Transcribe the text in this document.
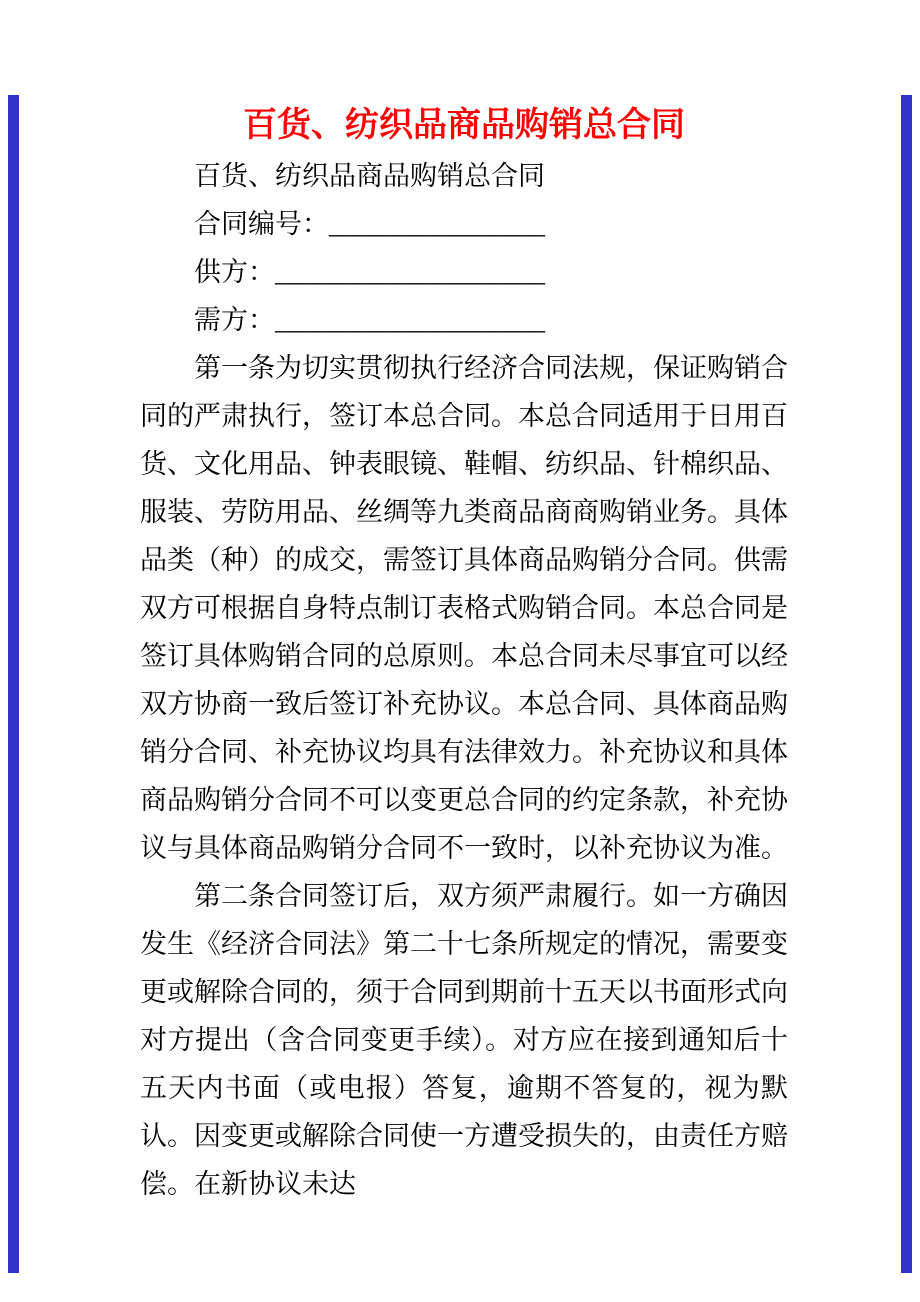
百货、纺织品商品购销总合同
百货、纺织品商品购销总合同
合同编号：________________
供方：____________________
需方：____________________
第一条为切实贯彻执行经济合同法规，保证购销合同的严肃执行，签订本总合同。本总合同适用于日用百货、文化用品、钟表眼镜、鞋帽、纺织品、针棉织品、服装、劳防用品、丝绸等九类商品商商购销业务。具体品类（种）的成交，需签订具体商品购销分合同。供需双方可根据自身特点制订表格式购销合同。本总合同是签订具体购销合同的总原则。本总合同未尽事宜可以经双方协商一致后签订补充协议。本总合同、具体商品购销分合同、补充协议均具有法律效力。补充协议和具体商品购销分合同不可以变更总合同的约定条款，补充协议与具体商品购销分合同不一致时，以补充协议为准。
第二条合同签订后，双方须严肃履行。如一方确因发生《经济合同法》第二十七条所规定的情况，需要变更或解除合同的，须于合同到期前十五天以书面形式向对方提出（含合同变更手续）。对方应在接到通知后十五天内书面（或电报）答复，逾期不答复的，视为默认。因变更或解除合同使一方遭受损失的，由责任方赔偿。在新协议未达
